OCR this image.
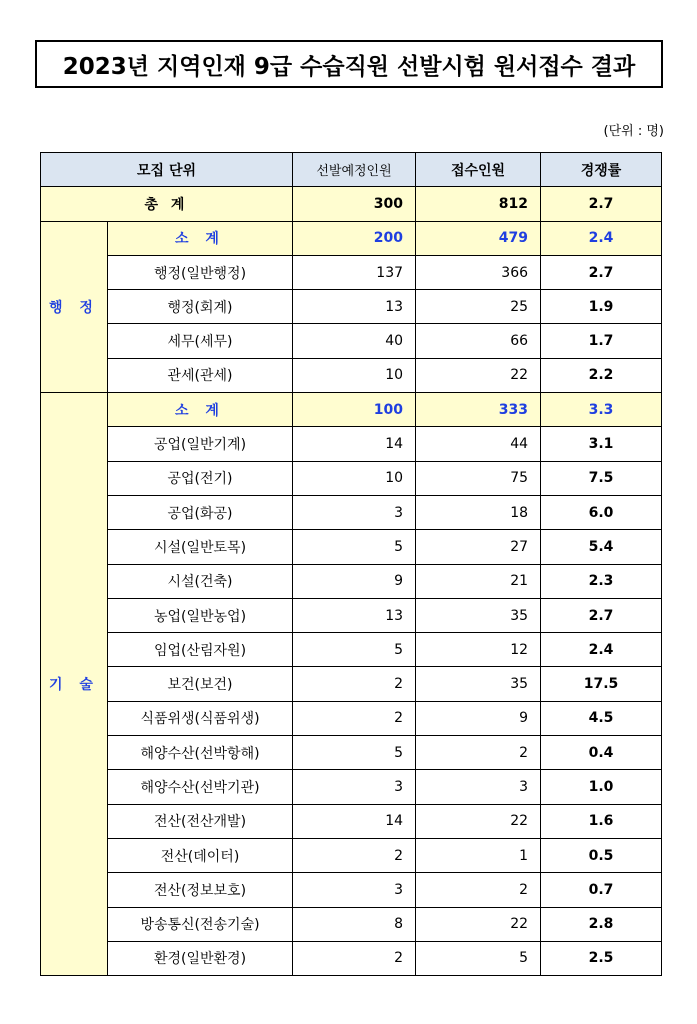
2023년 지역인재 9급 수습직원 선발시험 원서접수 결과
(단위 : 명)
모집 단위		선발예정인원	접수인원	경쟁률
총 계		300	812	2.7
행 정	소 계	200	479	2.4
	행정(일반행정)	137	366	2.7
	행정(회계)	13	25	1.9
	세무(세무)	40	66	1.7
	관세(관세)	10	22	2.2
기 술	소 계	100	333	3.3
	공업(일반기계)	14	44	3.1
	공업(전기)	10	75	7.5
	공업(화공)	3	18	6.0
	시설(일반토목)	5	27	5.4
	시설(건축)	9	21	2.3
	농업(일반농업)	13	35	2.7
	임업(산림자원)	5	12	2.4
	보건(보건)	2	35	17.5
	식품위생(식품위생)	2	9	4.5
	해양수산(선박항해)	5	2	0.4
	해양수산(선박기관)	3	3	1.0
	전산(전산개발)	14	22	1.6
	전산(데이터)	2	1	0.5
	전산(정보보호)	3	2	0.7
	방송통신(전송기술)	8	22	2.8
	환경(일반환경)	2	5	2.5
